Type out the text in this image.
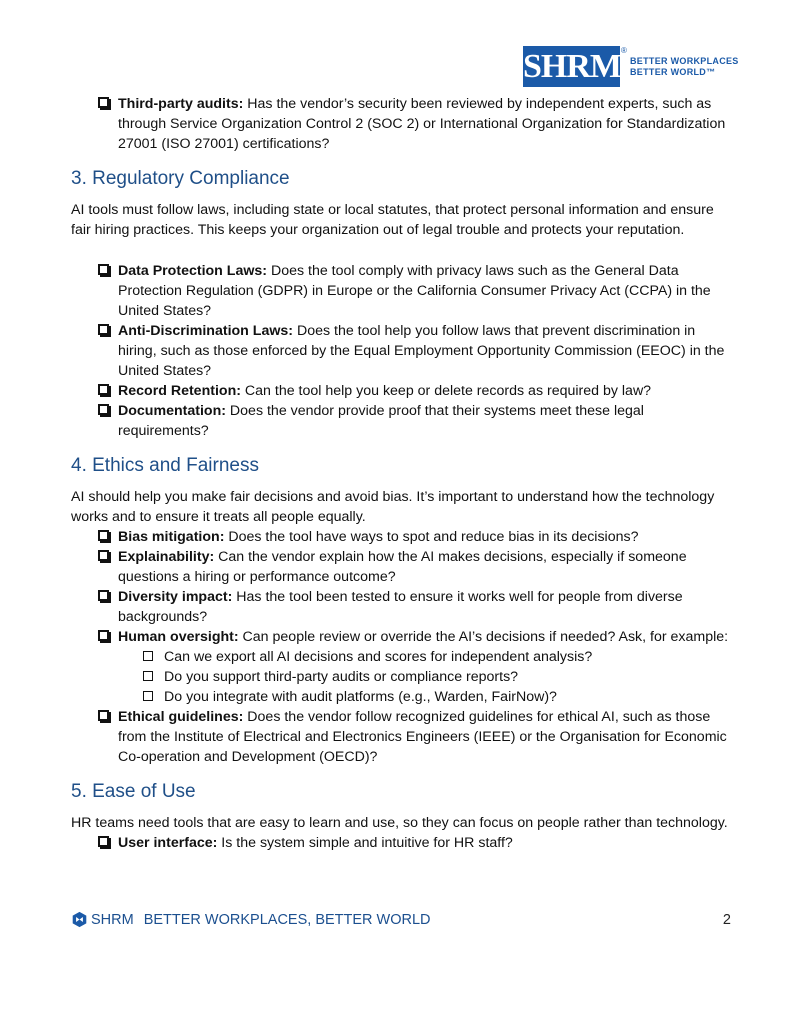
SHRM BETTER WORKPLACES
BETTER WORLD™
®
Third-party audits: Has the vendor’s security been reviewed by independent experts, such as through Service Organization Control 2 (SOC 2) or International Organization for Standardization 27001 (ISO 27001) certifications?
3. Regulatory Compliance

AI tools must follow laws, including state or local statutes, that protect personal information and ensure fair hiring practices. This keeps your organization out of legal trouble and protects your reputation.

Data Protection Laws: Does the tool comply with privacy laws such as the General Data Protection Regulation (GDPR) in Europe or the California Consumer Privacy Act (CCPA) in the United States?
Anti-Discrimination Laws: Does the tool help you follow laws that prevent discrimination in hiring, such as those enforced by the Equal Employment Opportunity Commission (EEOC) in the United States?
Record Retention: Can the tool help you keep or delete records as required by law?
Documentation: Does the vendor provide proof that their systems meet these legal requirements?
4. Ethics and Fairness

AI should help you make fair decisions and avoid bias. It’s important to understand how the technology works and to ensure it treats all people equally.

Bias mitigation: Does the tool have ways to spot and reduce bias in its decisions?
Explainability: Can the vendor explain how the AI makes decisions, especially if someone questions a hiring or performance outcome?
Diversity impact: Has the tool been tested to ensure it works well for people from diverse backgrounds?
Human oversight: Can people review or override the AI’s decisions if needed? Ask, for example:
Can we export all AI decisions and scores for independent analysis?
Do you support third-party audits or compliance reports?
Do you integrate with audit platforms (e.g., Warden, FairNow)?
Ethical guidelines: Does the vendor follow recognized guidelines for ethical AI, such as those from the Institute of Electrical and Electronics Engineers (IEEE) or the Organisation for Economic Co-operation and Development (OECD)?
5. Ease of Use

HR teams need tools that are easy to learn and use, so they can focus on people rather than technology.

User interface: Is the system simple and intuitive for HR staff?
SHRM BETTER WORKPLACES, BETTER WORLD	2
